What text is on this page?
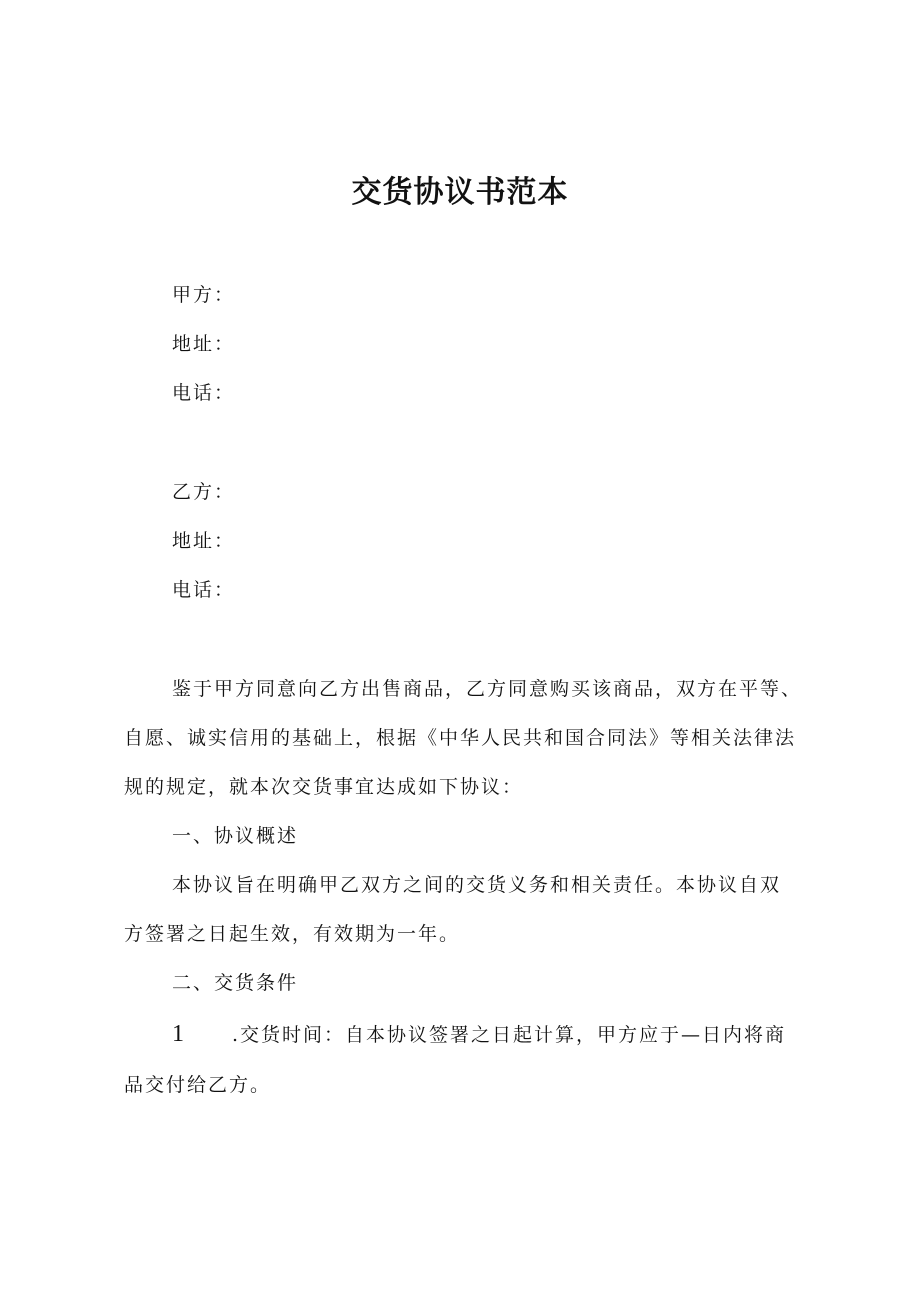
交货协议书范本
甲方：
地址：
电话：
乙方：
地址：
电话：
鉴于甲方同意向乙方出售商品，乙方同意购买该商品，双方在平等、
自愿、诚实信用的基础上，根据《中华人民共和国合同法》等相关法律法
规的规定，就本次交货事宜达成如下协议：
一、协议概述
本协议旨在明确甲乙双方之间的交货义务和相关责任。本协议自双
方签署之日起生效，有效期为一年。
二、交货条件
1	.交货时间：自本协议签署之日起计算，甲方应于—日内将商
品交付给乙方。
